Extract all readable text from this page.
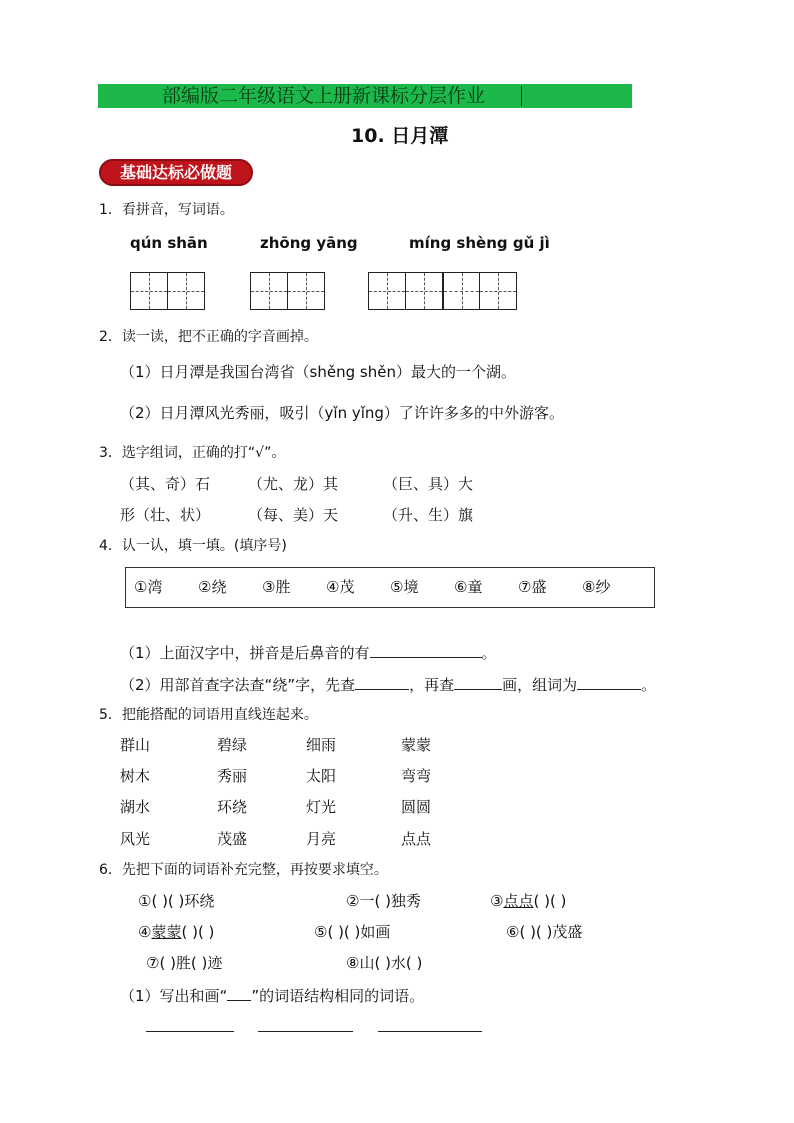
部编版二年级语文上册新课标分层作业
10. 日月潭
基础达标必做题
1．看拼音，写词语。
qún shān	zhōng yāng	míng shèng gǔ jì
2．读一读，把不正确的字音画掉。
（1）日月潭是我国台湾省（shěng shěn）最大的一个湖。
（2）日月潭风光秀丽，吸引（yǐn yǐng）了许许多多的中外游客。
3．选字组词，正确的打“√”。
（其、奇）石	（尤、龙）其	（巨、具）大
形（壮、状）	（每、美）天	（升、生）旗
4．认一认，填一填。(填序号)
①湾	②绕	③胜	④茂	⑤境	⑥童	⑦盛	⑧纱
（1）上面汉字中，拼音是后鼻音的有	。
（2）用部首查字法查“绕”字，先查	，再查	画，组词为	。
5．把能搭配的词语用直线连起来。
群山	碧绿	细雨	蒙蒙
树木	秀丽	太阳	弯弯
湖水	环绕	灯光	圆圆
风光	茂盛	月亮	点点
6．先把下面的词语补充完整，再按要求填空。
①( )( )环绕	②一( )独秀	③点点( )( )
④蒙蒙( )( )	⑤( )( )如画	⑥( )( )茂盛
⑦( )胜( )迹	⑧山( )水( )
（1）写出和画“ ”的词语结构相同的词语。
